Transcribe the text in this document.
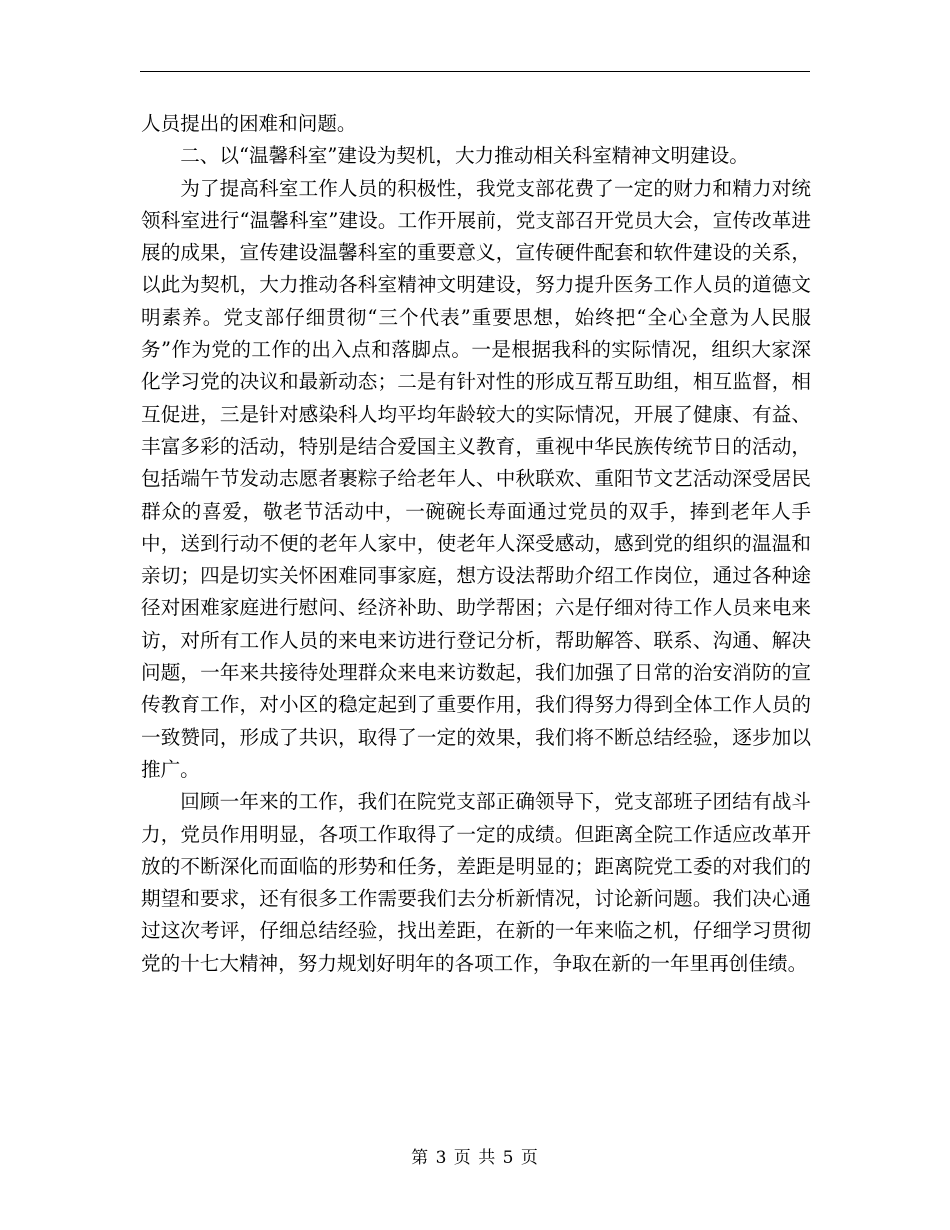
人员提出的困难和问题。

二、以“温馨科室”建设为契机，大力推动相关科室精神文明建设。

为了提高科室工作人员的积极性，我党支部花费了一定的财力和精力对统领科室进行“温馨科室”建设。工作开展前，党支部召开党员大会，宣传改革进展的成果，宣传建设温馨科室的重要意义，宣传硬件配套和软件建设的关系，以此为契机，大力推动各科室精神文明建设，努力提升医务工作人员的道德文明素养。党支部仔细贯彻“三个代表”重要思想，始终把“全心全意为人民服务”作为党的工作的出入点和落脚点。一是根据我科的实际情况，组织大家深化学习党的决议和最新动态；二是有针对性的形成互帮互助组，相互监督，相互促进，三是针对感染科人均平均年龄较大的实际情况，开展了健康、有益、丰富多彩的活动，特别是结合爱国主义教育，重视中华民族传统节日的活动，包括端午节发动志愿者裹粽子给老年人、中秋联欢、重阳节文艺活动深受居民群众的喜爱，敬老节活动中，一碗碗长寿面通过党员的双手，捧到老年人手中，送到行动不便的老年人家中，使老年人深受感动，感到党的组织的温温和亲切；四是切实关怀困难同事家庭，想方设法帮助介绍工作岗位，通过各种途径对困难家庭进行慰问、经济补助、助学帮困；六是仔细对待工作人员来电来访，对所有工作人员的来电来访进行登记分析，帮助解答、联系、沟通、解决问题，一年来共接待处理群众来电来访数起，我们加强了日常的治安消防的宣传教育工作，对小区的稳定起到了重要作用，我们得努力得到全体工作人员的一致赞同，形成了共识，取得了一定的效果，我们将不断总结经验，逐步加以推广。

回顾一年来的工作，我们在院党支部正确领导下，党支部班子团结有战斗力，党员作用明显，各项工作取得了一定的成绩。但距离全院工作适应改革开放的不断深化而面临的形势和任务，差距是明显的；距离院党工委的对我们的期望和要求，还有很多工作需要我们去分析新情况，讨论新问题。我们决心通过这次考评，仔细总结经验，找出差距，在新的一年来临之机，仔细学习贯彻党的十七大精神，努力规划好明年的各项工作，争取在新的一年里再创佳绩。

第 3 页 共 5 页
